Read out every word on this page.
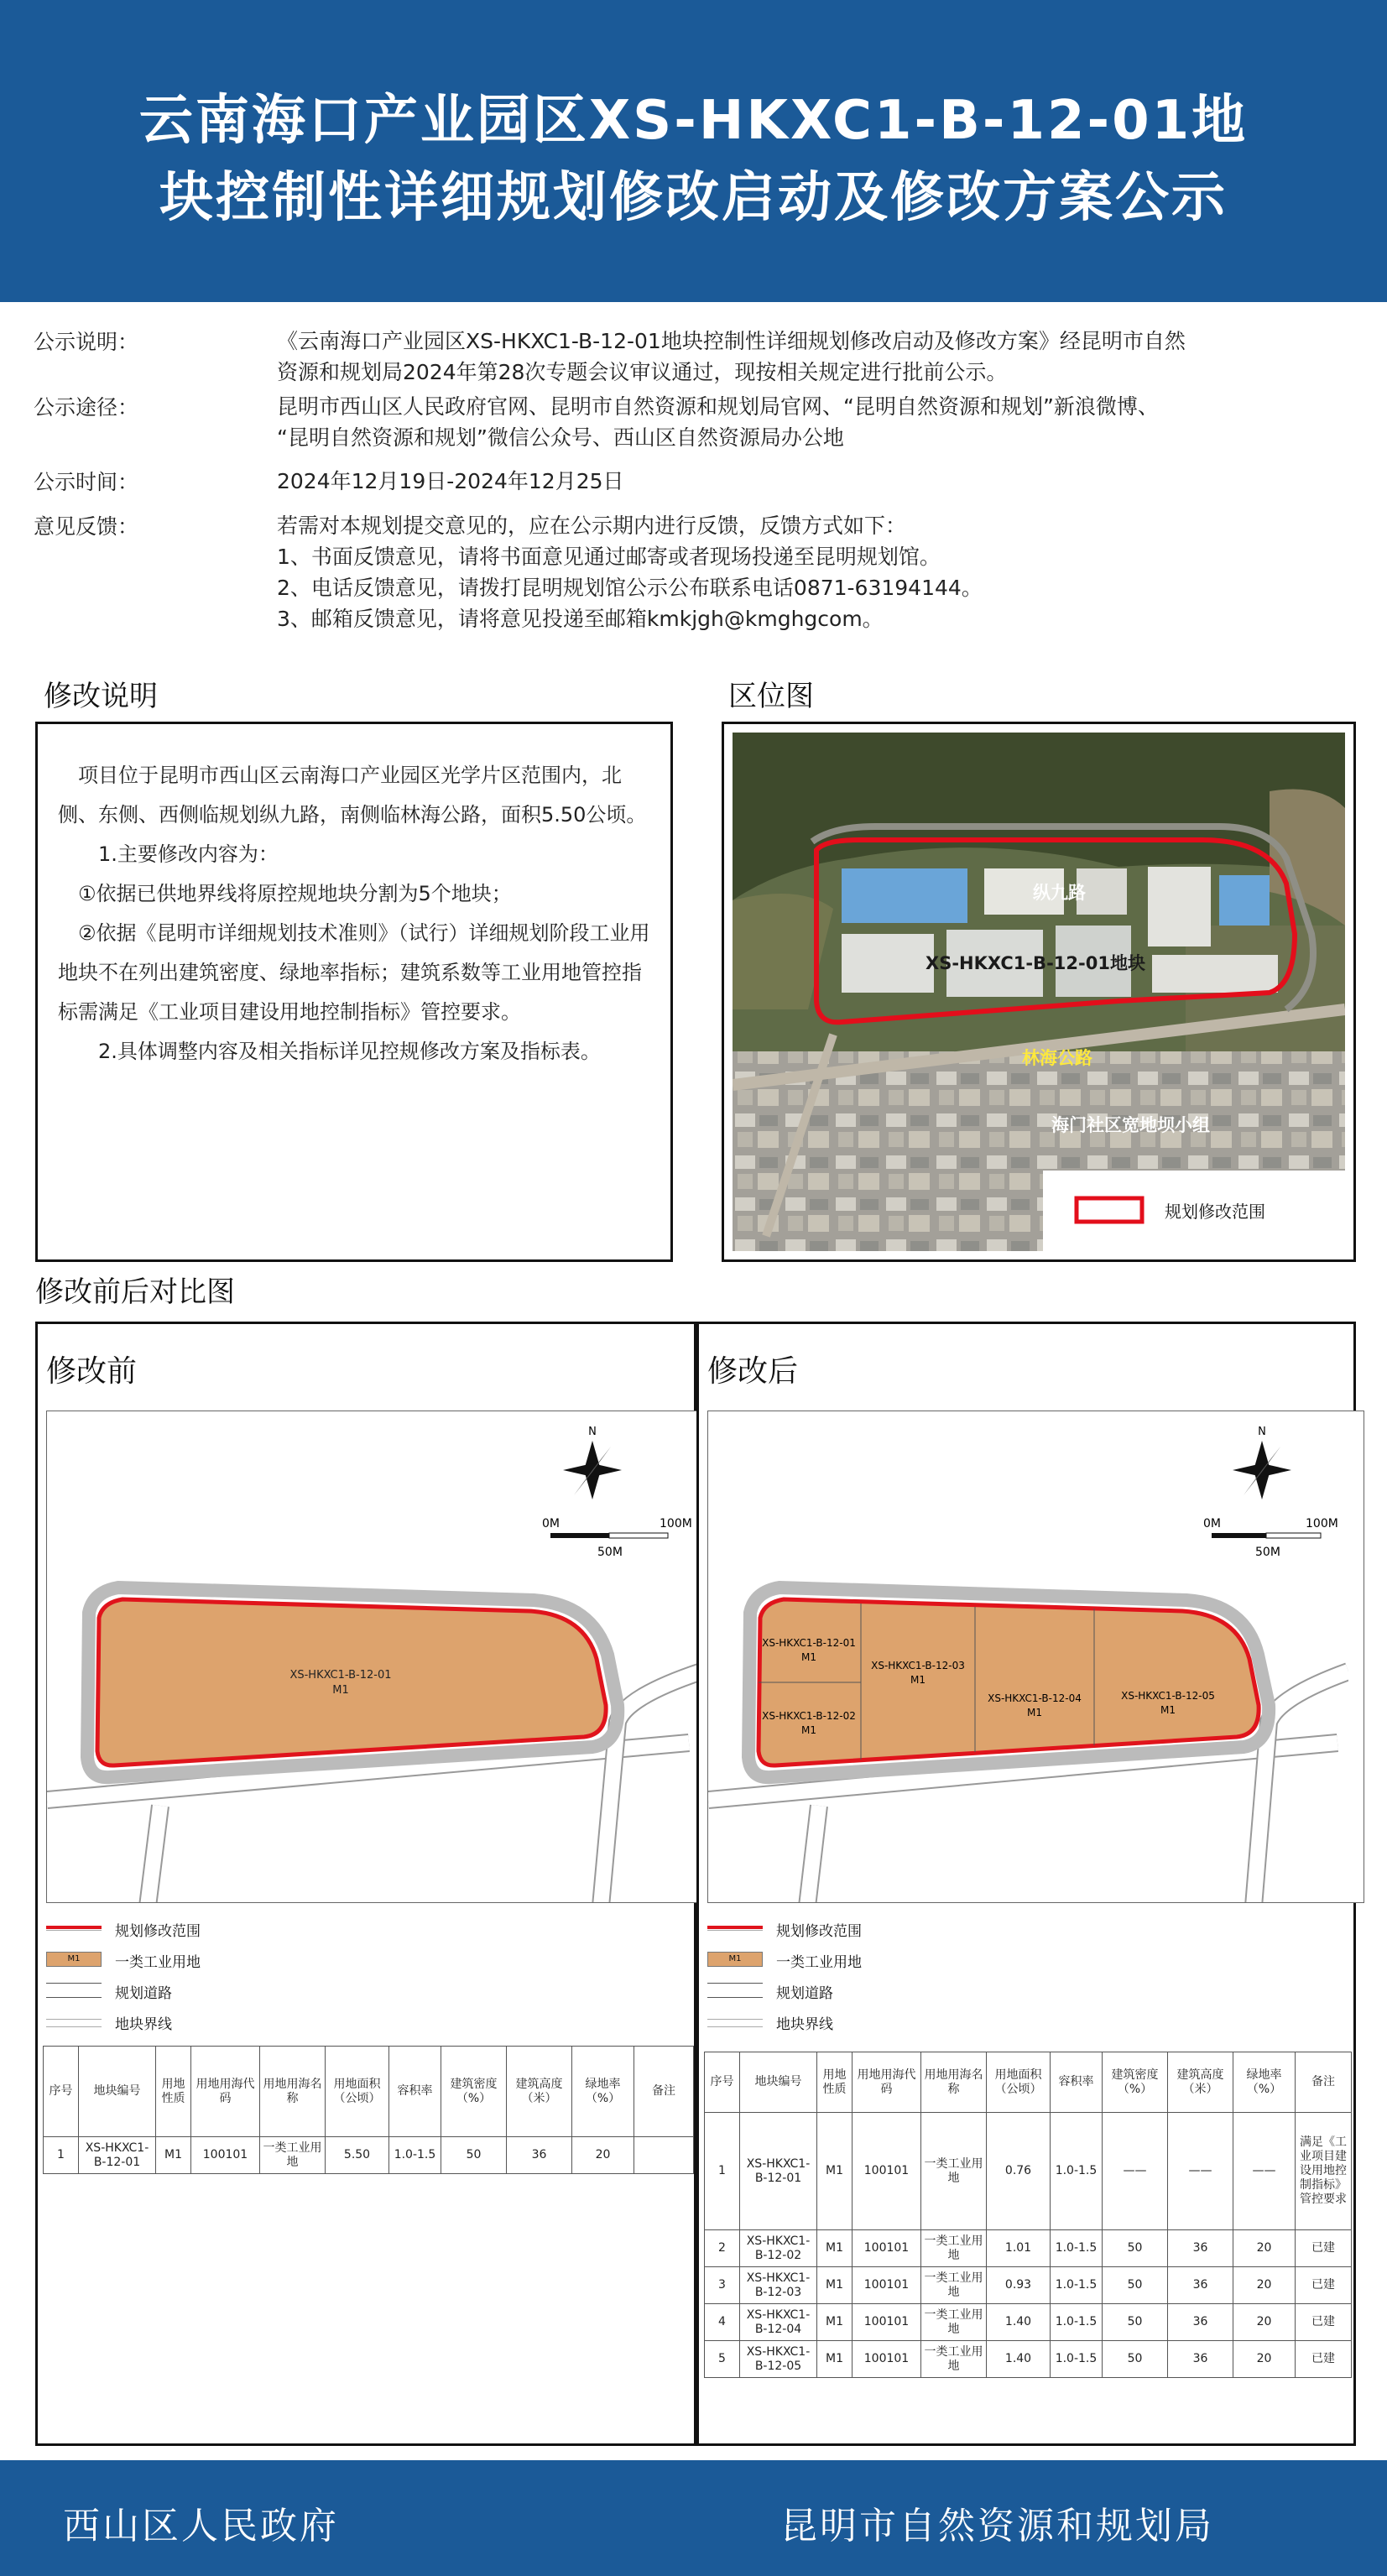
云南海口产业园区XS-HKXC1-B-12-01地
块控制性详细规划修改启动及修改方案公示
公示说明：	《云南海口产业园区XS-HKXC1-B-12-01地块控制性详细规划修改启动及修改方案》经昆明市自然
资源和规划局2024年第28次专题会议审议通过，现按相关规定进行批前公示。
公示途径：	昆明市西山区人民政府官网、昆明市自然资源和规划局官网、“昆明自然资源和规划”新浪微博、
“昆明自然资源和规划”微信公众号、西山区自然资源局办公地
公示时间：	2024年12月19日-2024年12月25日
意见反馈：	若需对本规划提交意见的，应在公示期内进行反馈，反馈方式如下：
1、书面反馈意见，请将书面意见通过邮寄或者现场投递至昆明规划馆。
2、电话反馈意见，请拨打昆明规划馆公示公布联系电话0871-63194144。
3、邮箱反馈意见，请将意见投递至邮箱kmkjgh@kmghgcom。
修改说明

　项目位于昆明市西山区云南海口产业园区光学片区范围内，北侧、东侧、西侧临规划纵九路，南侧临林海公路，面积5.50公顷。

　　1.主要修改内容为：

　①依据已供地界线将原控规地块分割为5个地块；

　②依据《昆明市详细规划技术准则》（试行）详细规划阶段工业用地块不在列出建筑密度、绿地率指标；建筑系数等工业用地管控指标需满足《工业项目建设用地控制指标》管控要求。

　　2.具体调整内容及相关指标详见控规修改方案及指标表。

区位图
纵九路
XS-HKXC1-B-12-01地块
林海公路
海门社区宽地坝小组
规划修改范围
修改前后对比图
修改前
XS-HKXC1-B-12-01
M1
N
0M	100M
50M
规划修改范围
M1	一类工业用地
规划道路
地块界线
序号	地块编号	用地性质	用地用海代码	用地用海名称	用地面积（公顷）	容积率	建筑密度（%）	建筑高度（米）	绿地率（%）	备注
1	XS-HKXC1-B-12-01	M1	100101	一类工业用地	5.50	1.0-1.5	50	36	20	
修改后
XS-HKXC1-B-12-01
M1
XS-HKXC1-B-12-02
M1
XS-HKXC1-B-12-03
M1
XS-HKXC1-B-12-04
M1
XS-HKXC1-B-12-05
M1
N
0M	100M
50M
规划修改范围
M1	一类工业用地
规划道路
地块界线
序号	地块编号	用地性质	用地用海代码	用地用海名称	用地面积（公顷）	容积率	建筑密度（%）	建筑高度（米）	绿地率（%）	备注
1	XS-HKXC1-B-12-01	M1	100101	一类工业用地	0.76	1.0-1.5	——	——	——	满足《工业项目建设用地控制指标》管控要求
2	XS-HKXC1-B-12-02	M1	100101	一类工业用地	1.01	1.0-1.5	50	36	20	已建
3	XS-HKXC1-B-12-03	M1	100101	一类工业用地	0.93	1.0-1.5	50	36	20	已建
4	XS-HKXC1-B-12-04	M1	100101	一类工业用地	1.40	1.0-1.5	50	36	20	已建
5	XS-HKXC1-B-12-05	M1	100101	一类工业用地	1.40	1.0-1.5	50	36	20	已建
西山区人民政府	昆明市自然资源和规划局
